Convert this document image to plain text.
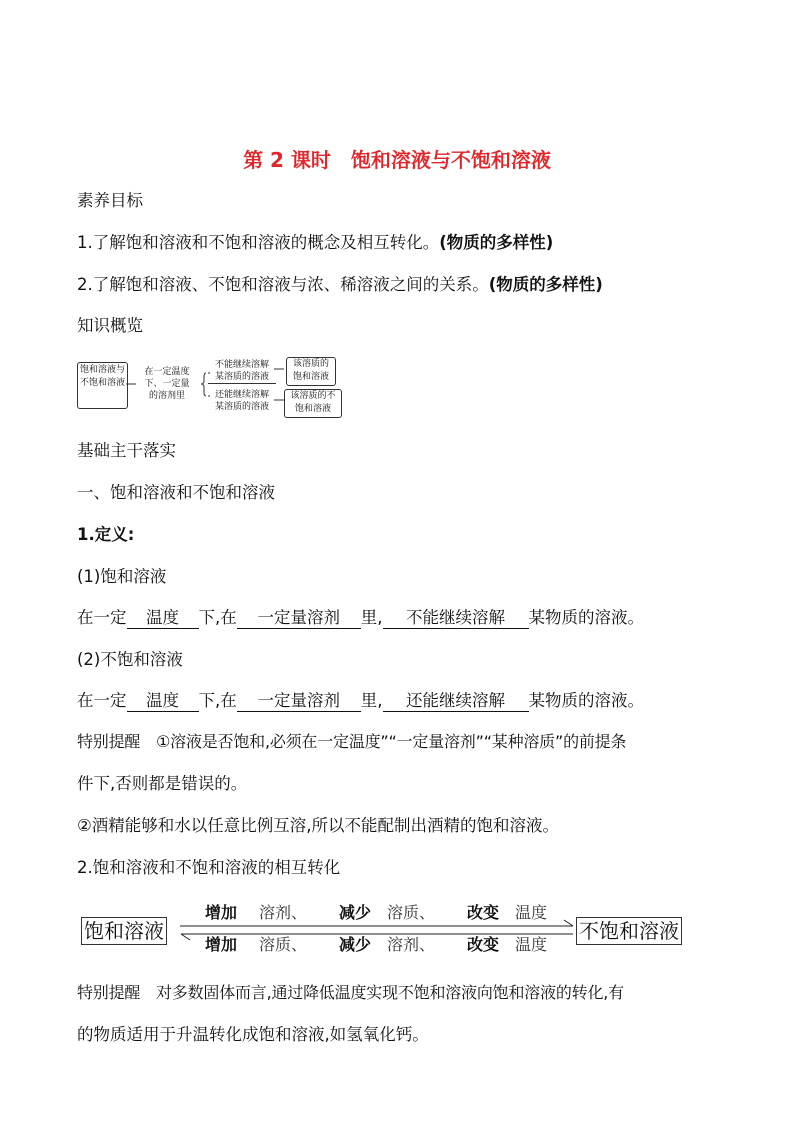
第 2 课时　饱和溶液与不饱和溶液
素养目标
1.了解饱和溶液和不饱和溶液的概念及相互转化。(物质的多样性)
2.了解饱和溶液、不饱和溶液与浓、稀溶液之间的关系。(物质的多样性)
知识概览
饱和溶液与不饱和溶液
在一定温度
下、一定量
的溶剂里
不能继续溶解
某溶质的溶液
还能继续溶解
某溶质的溶液
该溶质的
饱和溶液
该溶质的不
饱和溶液
基础主干落实
一、饱和溶液和不饱和溶液
1.定义:
(1)饱和溶液
在一定 温度 下,在 一定量溶剂 里, 不能继续溶解 某物质的溶液。
(2)不饱和溶液
在一定 温度 下,在 一定量溶剂 里, 还能继续溶解 某物质的溶液。
特别提醒　①溶液是否饱和,必须在一定温度”“一定量溶剂”“某种溶质”的前提条
件下,否则都是错误的。
②酒精能够和水以任意比例互溶,所以不能配制出酒精的饱和溶液。
2.饱和溶液和不饱和溶液的相互转化
饱和溶液	不饱和溶液
增加 溶剂、 减少 溶质、 改变 温度
增加 溶质、 减少 溶剂、 改变 温度
特别提醒　对多数固体而言,通过降低温度实现不饱和溶液向饱和溶液的转化,有
的物质适用于升温转化成饱和溶液,如氢氧化钙。
